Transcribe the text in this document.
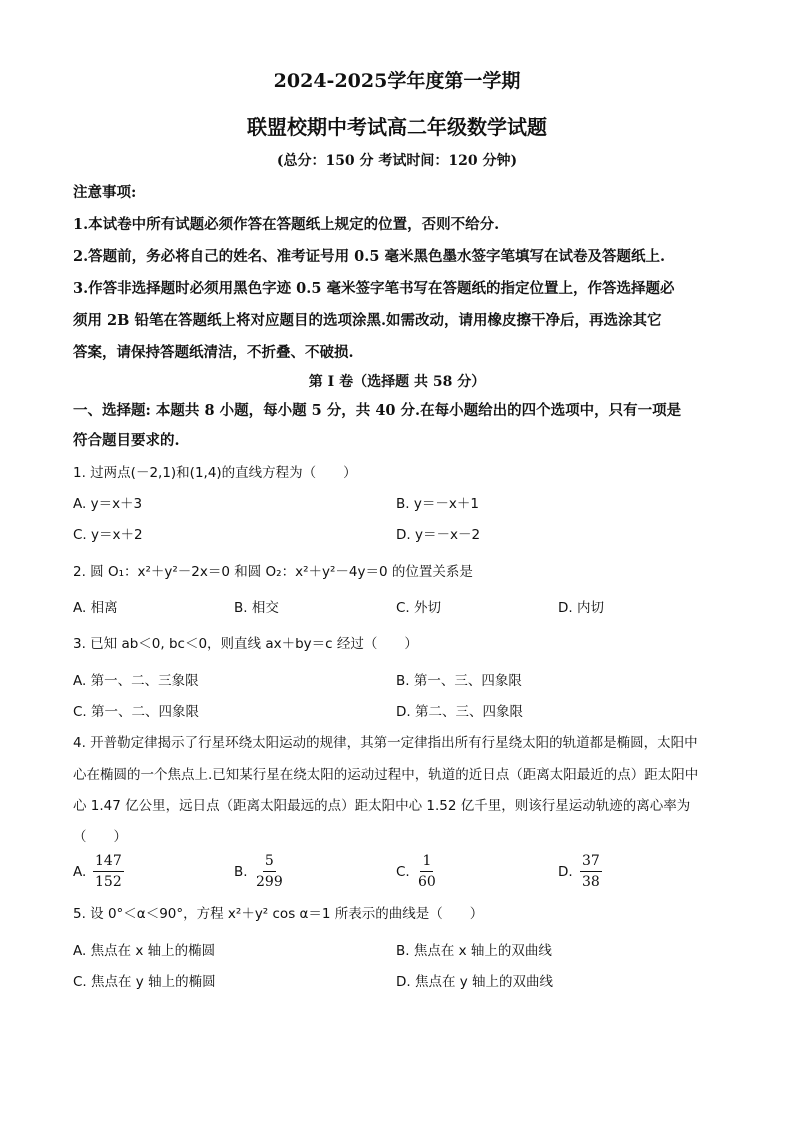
2024-2025学年度第一学期
联盟校期中考试高二年级数学试题
(总分：150 分 考试时间：120 分钟)
注意事项:
1.本试卷中所有试题必须作答在答题纸上规定的位置，否则不给分.
2.答题前，务必将自己的姓名、准考证号用 0.5 毫米黑色墨水签字笔填写在试卷及答题纸上.
3.作答非选择题时必须用黑色字迹 0.5 毫米签字笔书写在答题纸的指定位置上，作答选择题必
须用 2B 铅笔在答题纸上将对应题目的选项涂黑.如需改动，请用橡皮擦干净后，再选涂其它
答案，请保持答题纸清洁，不折叠、不破损.
第 I 卷（选择题 共 58 分）
一、选择题: 本题共 8 小题，每小题 5 分，共 40 分.在每小题给出的四个选项中，只有一项是
符合题目要求的.
1. 过两点(－2,1)和(1,4)的直线方程为（　　）
A. y＝x＋3	B. y＝－x＋1
C. y＝x＋2	D. y＝－x－2
2. 圆 O₁：x²＋y²－2x＝0 和圆 O₂：x²＋y²－4y＝0 的位置关系是
A. 相离	B. 相交	C. 外切	D. 内切
3. 已知 ab＜0, bc＜0，则直线 ax＋by＝c 经过（　　）
A. 第一、二、三象限	B. 第一、三、四象限
C. 第一、二、四象限	D. 第二、三、四象限
4. 开普勒定律揭示了行星环绕太阳运动的规律，其第一定律指出所有行星绕太阳的轨道都是椭圆，太阳中
心在椭圆的一个焦点上.已知某行星在绕太阳的运动过程中，轨道的近日点（距离太阳最近的点）距太阳中
心 1.47 亿公里，远日点（距离太阳最远的点）距太阳中心 1.52 亿千里，则该行星运动轨迹的离心率为
（　　）
A. $\frac{147}{152}$	B. $\frac{5}{299}$	C. $\frac{1}{60}$	D. $\frac{37}{38}$
5. 设 0°＜α＜90°，方程 x²＋y² cos α＝1 所表示的曲线是（　　）
A. 焦点在 x 轴上的椭圆	B. 焦点在 x 轴上的双曲线
C. 焦点在 y 轴上的椭圆	D. 焦点在 y 轴上的双曲线
